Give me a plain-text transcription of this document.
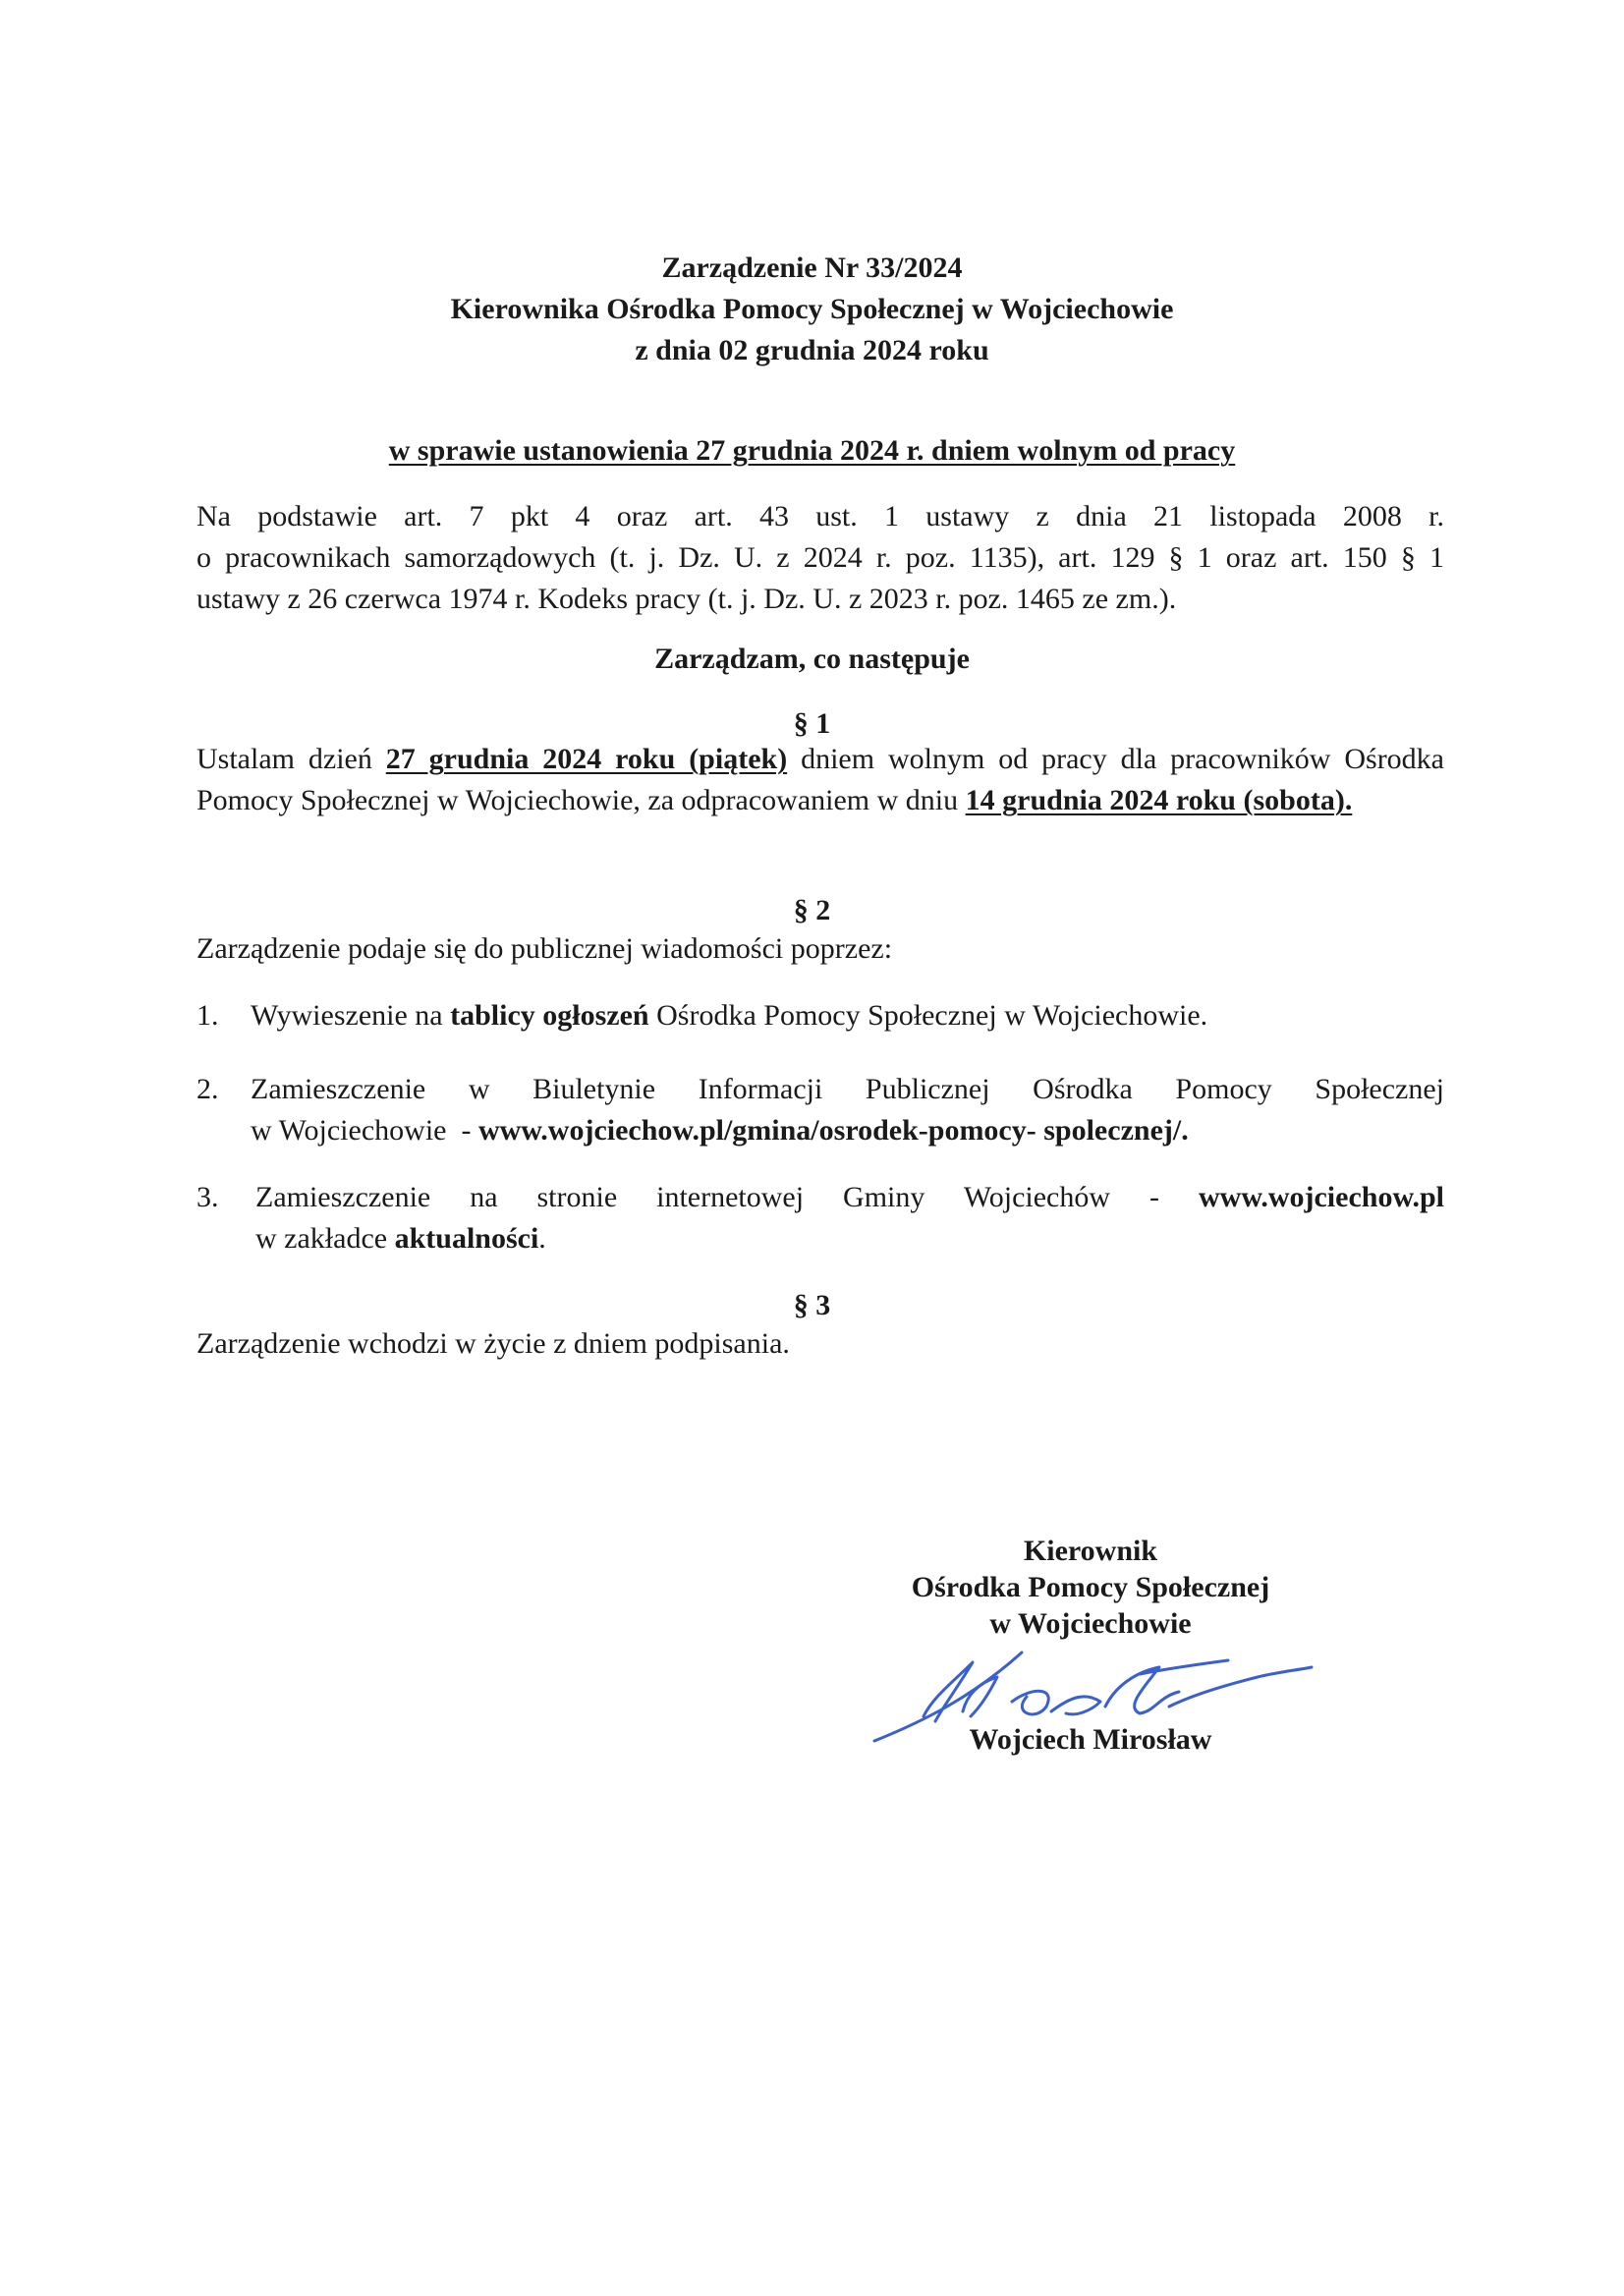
Zarządzenie Nr 33/2024
Kierownika Ośrodka Pomocy Społecznej w Wojciechowie
z dnia 02 grudnia 2024 roku
w sprawie ustanowienia 27 grudnia 2024 r. dniem wolnym od pracy
Na podstawie art. 7 pkt 4 oraz art. 43 ust. 1 ustawy z dnia 21 listopada 2008 r.
o pracownikach samorządowych (t. j. Dz. U. z 2024 r. poz. 1135), art. 129 § 1 oraz art. 150 § 1
ustawy z 26 czerwca 1974 r. Kodeks pracy (t. j. Dz. U. z 2023 r. poz. 1465 ze zm.).
Zarządzam, co następuje
§ 1
Ustalam dzień 27 grudnia 2024 roku (piątek) dniem wolnym od pracy dla pracowników Ośrodka Pomocy Społecznej w Wojciechowie, za odpracowaniem w dniu 14 grudnia 2024 roku (sobota).
§ 2
Zarządzenie podaje się do publicznej wiadomości poprzez:
1. Wywieszenie na tablicy ogłoszeń Ośrodka Pomocy Społecznej w Wojciechowie.
2. Zamieszczenie w Biuletynie Informacji Publicznej Ośrodka Pomocy Społecznej
w Wojciechowie  - www.wojciechow.pl/gmina/osrodek-pomocy- spolecznej/.
3. Zamieszczenie na stronie internetowej Gminy Wojciechów - www.wojciechow.pl
w zakładce aktualności.
§ 3
Zarządzenie wchodzi w życie z dniem podpisania.
Kierownik
Ośrodka Pomocy Społecznej
w Wojciechowie
Wojciech Mirosław
